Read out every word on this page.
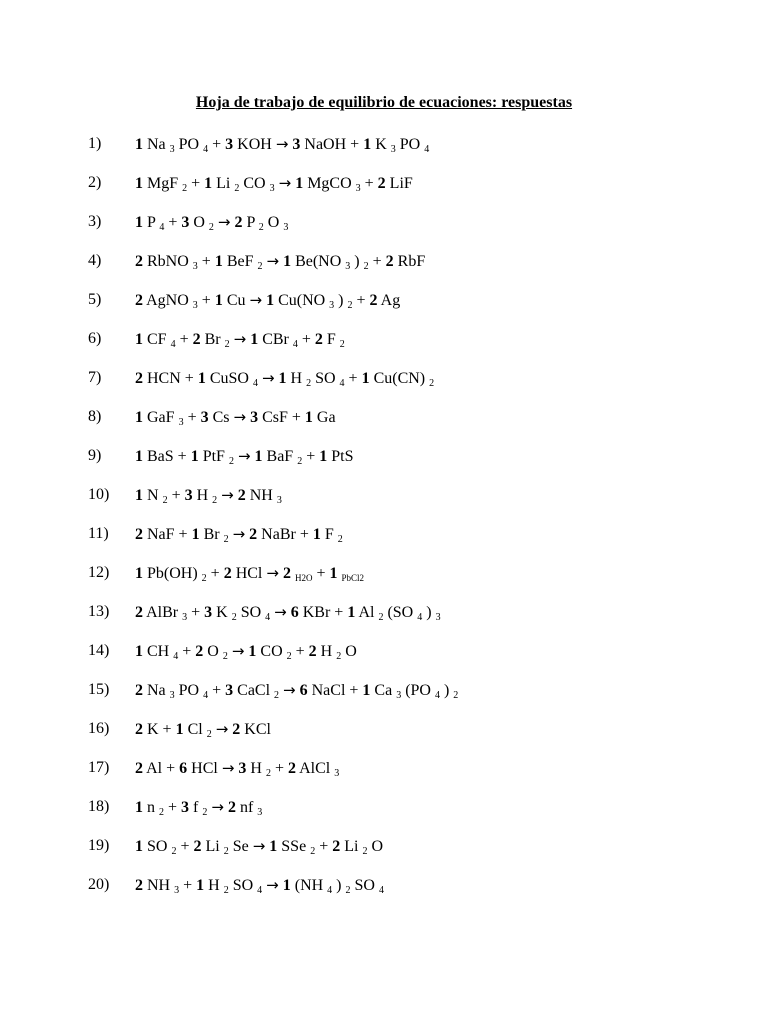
Hoja de trabajo de equilibrio de ecuaciones: respuestas
1)	1 Na $_3$ PO $_4$ + 3 KOH → 3 NaOH + 1 K $_3$ PO $_4$
2)	1 MgF $_2$ + 1 Li $_2$ CO $_3$ → 1 MgCO $_3$ + 2 LiF
3)	1 P $_4$ + 3 O $_2$ → 2 P $_2$ O $_3$
4)	2 RbNO $_3$ + 1 BeF $_2$ → 1 Be(NO $_3$ ) $_2$ + 2 RbF
5)	2 AgNO $_3$ + 1 Cu → 1 Cu(NO $_3$ ) $_2$ + 2 Ag
6)	1 CF $_4$ + 2 Br $_2$ → 1 CBr $_4$ + 2 F $_2$
7)	2 HCN + 1 CuSO $_4$ → 1 H $_2$ SO $_4$ + 1 Cu(CN) $_2$
8)	1 GaF $_3$ + 3 Cs → 3 CsF + 1 Ga
9)	1 BaS + 1 PtF $_2$ → 1 BaF $_2$ + 1 PtS
10)	1 N $_2$ + 3 H $_2$ → 2 NH $_3$
11)	2 NaF + 1 Br $_2$ → 2 NaBr + 1 F $_2$
12)	1 Pb(OH) $_2$ + 2 HCl → 2 H2O + 1 PbCl2
13)	2 AlBr $_3$ + 3 K $_2$ SO $_4$ → 6 KBr + 1 Al $_2$ (SO $_4$ ) $_3$
14)	1 CH $_4$ + 2 O $_2$ → 1 CO $_2$ + 2 H $_2$ O
15)	2 Na $_3$ PO $_4$ + 3 CaCl $_2$ → 6 NaCl + 1 Ca $_3$ (PO $_4$ ) $_2$
16)	2 K + 1 Cl $_2$ → 2 KCl
17)	2 Al + 6 HCl → 3 H $_2$ + 2 AlCl $_3$
18)	1 n $_2$ + 3 f $_2$ → 2 nf $_3$
19)	1 SO $_2$ + 2 Li $_2$ Se → 1 SSe $_2$ + 2 Li $_2$ O
20)	2 NH $_3$ + 1 H $_2$ SO $_4$ → 1 (NH $_4$ ) $_2$ SO $_4$
